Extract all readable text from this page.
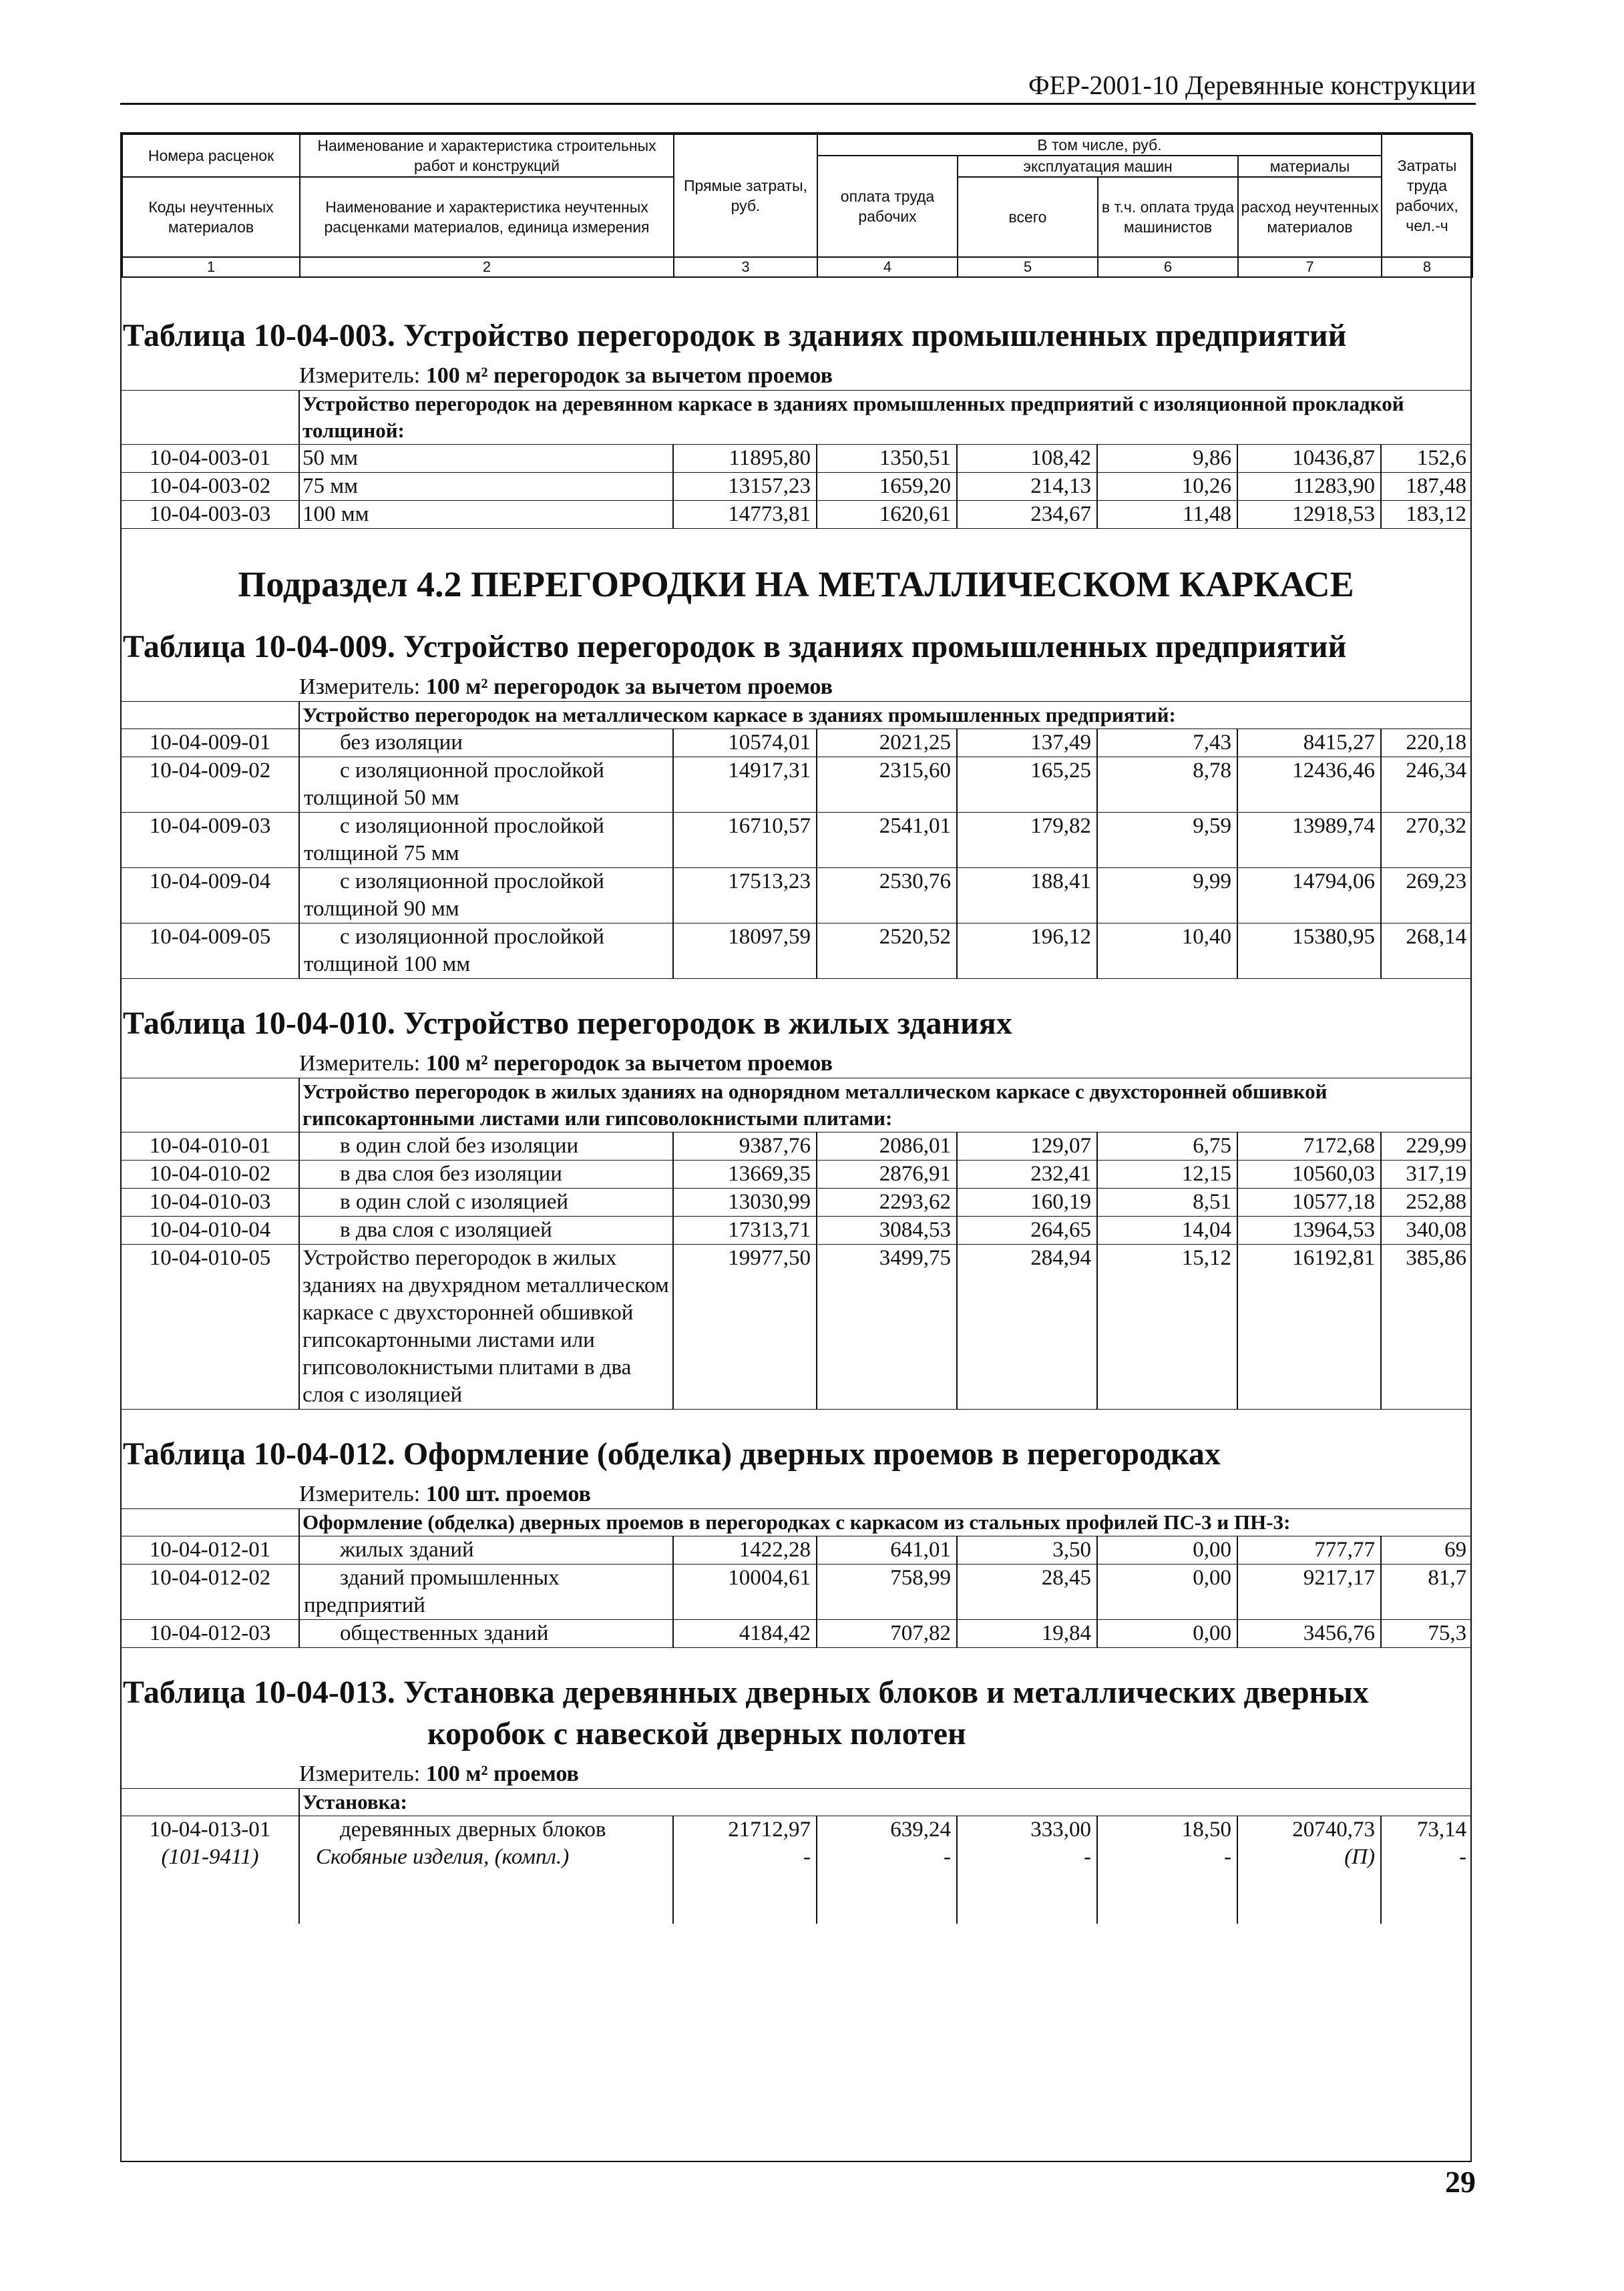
ФЕР-2001-10 Деревянные конструкции
Номера расценок	Наименование и характеристика строительных работ и конструкций	Прямые затраты, руб.	В том числе, руб.				Затраты труда рабочих, чел.-ч
			оплата труда рабочих	эксплуатация машин		материалы	
Коды неучтенных материалов	Наименование и характеристика неучтенных расценками материалов, единица измерения			всего	в т.ч. оплата труда машинистов	расход неучтенных материалов	

1	2	3	4	5	6	7	8
Таблица 10-04-003. Устройство перегородок в зданиях промышленных предприятий
Измеритель: 100 м² перегородок за вычетом проемов
	Устройство перегородок на деревянном каркасе в зданиях промышленных предприятий с изоляционной прокладкой толщиной:						
10-04-003-01	50 мм	11895,80	1350,51	108,42	9,86	10436,87	152,6
10-04-003-02	75 мм	13157,23	1659,20	214,13	10,26	11283,90	187,48
10-04-003-03	100 мм	14773,81	1620,61	234,67	11,48	12918,53	183,12
Подраздел 4.2 ПЕРЕГОРОДКИ НА МЕТАЛЛИЧЕСКОМ КАРКАСЕ
Таблица 10-04-009. Устройство перегородок в зданиях промышленных предприятий
Измеритель: 100 м² перегородок за вычетом проемов
	Устройство перегородок на металлическом каркасе в зданиях промышленных предприятий:						
10-04-009-01	без изоляции	10574,01	2021,25	137,49	7,43	8415,27	220,18
10-04-009-02	с изоляционной прослойкой толщиной 50 мм	14917,31	2315,60	165,25	8,78	12436,46	246,34
10-04-009-03	с изоляционной прослойкой толщиной 75 мм	16710,57	2541,01	179,82	9,59	13989,74	270,32
10-04-009-04	с изоляционной прослойкой толщиной 90 мм	17513,23	2530,76	188,41	9,99	14794,06	269,23
10-04-009-05	с изоляционной прослойкой толщиной 100 мм	18097,59	2520,52	196,12	10,40	15380,95	268,14
Таблица 10-04-010. Устройство перегородок в жилых зданиях
Измеритель: 100 м² перегородок за вычетом проемов
	Устройство перегородок в жилых зданиях на однорядном металлическом каркасе с двухсторонней обшивкой гипсокартонными листами или гипсоволокнистыми плитами:						
10-04-010-01	в один слой без изоляции	9387,76	2086,01	129,07	6,75	7172,68	229,99
10-04-010-02	в два слоя без изоляции	13669,35	2876,91	232,41	12,15	10560,03	317,19
10-04-010-03	в один слой с изоляцией	13030,99	2293,62	160,19	8,51	10577,18	252,88
10-04-010-04	в два слоя с изоляцией	17313,71	3084,53	264,65	14,04	13964,53	340,08
10-04-010-05	Устройство перегородок в жилых зданиях на двухрядном металлическом каркасе с двухсторонней обшивкой гипсокартонными листами или гипсоволокнистыми плитами в два слоя с изоляцией	19977,50	3499,75	284,94	15,12	16192,81	385,86
Таблица 10-04-012. Оформление (обделка) дверных проемов в перегородках
Измеритель: 100 шт. проемов
	Оформление (обделка) дверных проемов в перегородках с каркасом из стальных профилей ПС-3 и ПН-3:						
10-04-012-01	жилых зданий	1422,28	641,01	3,50	0,00	777,77	69
10-04-012-02	зданий промышленных предприятий	10004,61	758,99	28,45	0,00	9217,17	81,7
10-04-012-03	общественных зданий	4184,42	707,82	19,84	0,00	3456,76	75,3
Таблица 10-04-013. Установка деревянных дверных блоков и металлических дверных
коробок с навеской дверных полотен
Измеритель: 100 м² проемов
	Установка:						
10-04-013-01	деревянных дверных блоков	21712,97	639,24	333,00	18,50	20740,73	73,14
(101-9411)	Скобяные изделия, (компл.)	-	-	-	-	(П)	-
29
